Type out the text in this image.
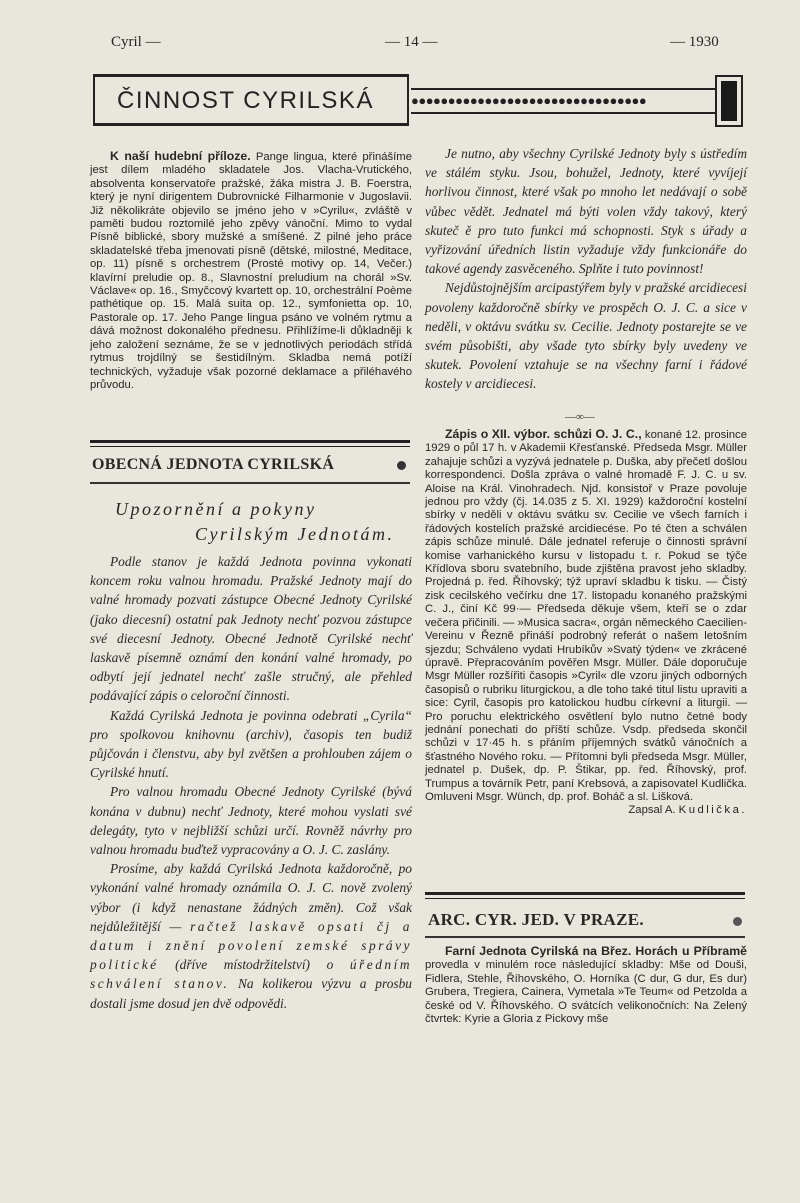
Cyril —	— 14 —	— 1930
ČINNOST CYRILSKÁ	●●●●●●●●●●●●●●●●●●●●●●●●●●●●●●●●

K naší hudební příloze. Pange lingua, které přinášíme jest dílem mladého skladatele Jos. Vlacha-Vrutického, absolventa konservatoře pražské, žáka mistra J. B. Foerstra, který je nyní dirigentem Dubrovnické Filharmonie v Jugoslavii. Již několikráte objevilo se jméno jeho v »Cyrilu«, zvláště v paměti budou roztomilé jeho zpěvy vánoční. Mimo to vydal Písně biblické, sbory mužské a smíšené. Z pilné jeho práce skladatelské třeba jmenovati písně (dětské, milostné, Meditace, op. 11) písně s orchestrem (Prosté motivy op. 14, Večer.) klavírní preludie op. 8., Slavnostní preludium na chorál »Sv. Václave« op. 16., Smyčcový kvartett op. 10, orchestrální Poème pathétique op. 15. Malá suita op. 12., symfonietta op. 10, Pastorale op. 17. Jeho Pange lingua psáno ve volném rytmu a dává možnost dokonalého přednesu. Přihlížíme-li důkladněji k jeho založení seznáme, že se v jednotlivých periodách střídá rytmus trojdílný se šestidílným. Skladba nemá potíží technických, vyžaduje však pozorné deklamace a přiléhavého průvodu.

OBECNÁ JEDNOTA CYRILSKÁ
Upozornění a pokyny
Cyrilským Jednotám.

Podle stanov je každá Jednota povinna vykonati koncem roku valnou hromadu. Pražské Jednoty mají do valné hromady pozvati zástupce Obecné Jednoty Cyrilské (jako diecesní) ostatní pak Jednoty nechť pozvou zástupce své diecesní Jednoty. Obecné Jednotě Cyrilské nechť laskavě písemně oznámí den konání valné hromady, po odbytí její jednatel nechť zašle stručný, ale přehled podávající zápis o celoroční činnosti.

Každá Cyrilská Jednota je povinna odebrati „Cyrila“ pro spolkovou knihovnu (archiv), časopis ten budiž půjčován i členstvu, aby byl zvětšen a prohlouben zájem o Cyrilské hnutí.

Pro valnou hromadu Obecné Jednoty Cyrilské (bývá konána v dubnu) nechť Jednoty, které mohou vyslati své delegáty, tyto v nejbližší schůzi určí. Rovněž návrhy pro valnou hromadu buďtež vypracovány a O. J. C. zaslány.

Prosíme, aby každá Cyrilská Jednota každoročně, po vykonání valné hromady oznámila O. J. C. nově zvolený výbor (i když nenastane žádných změn). Což však nejdůležitější — račtež laskavě opsati čj a datum i znění povolení zemské správy politické (dříve místodržitelství) o úředním schválení stanov. Na kolikerou výzvu a prosbu dostali jsme dosud jen dvě odpovědi.

Je nutno, aby všechny Cyrilské Jednoty byly s ústředím ve stálém styku. Jsou, bohužel, Jednoty, které vyvíjejí horlivou činnost, které však po mnoho let nedávají o sobě vůbec vědět. Jednatel má býti volen vždy takový, který skuteč ě pro tuto funkci má schopnosti. Styk s úřady a vyřizování úředních listin vyžaduje vždy funkcionáře do takové agendy zasvěceného. Splňte i tuto povinnost!

Nejdůstojnějším arcipastýřem byly v pražské arcidiecesi povoleny každoročně sbírky ve prospěch O. J. C. a sice v neděli, v oktávu svátku sv. Cecilie. Jednoty postarejte se ve svém působišti, aby všade tyto sbírky byly uvedeny ve skutek. Povolení vztahuje se na všechny farní i řádové kostely v arcidiecesi.

—∞—

Zápis o XII. výbor. schůzi O. J. C., konané 12. prosince 1929 o půl 17 h. v Akademii Křesťanské. Předseda Msgr. Müller zahajuje schůzi a vyzývá jednatele p. Duška, aby přečetl došlou korrespondenci. Došla zpráva o valné hromadě F. J. C. u sv. Aloise na Král. Vinohradech. Njd. konsistoř v Praze povoluje jednou pro vždy (čj. 14.035 z 5. XI. 1929) každoroční kostelní sbírky v neděli v oktávu svátku sv. Cecilie ve všech farních i řádových kostelích pražské arcidiecése. Po té čten a schválen zápis schůze minulé. Dále jednatel referuje o činnosti správní komise varhanického kursu v listopadu t. r. Pokud se týče Křídlova sboru svatebního, bude zjištěna pravost jeho skladby. Projedná p. řed. Říhovský; týž upraví skladbu k tisku. — Čistý zisk cecilského večírku dne 17. listopadu konaného pražskými C. J., činí Kč 99·— Předseda děkuje všem, kteří se o zdar večera přičinili. — »Musica sacra«, orgán německého Caecilien-Vereinu v Řezně přináší podrobný referát o našem letošním sjezdu; Schváleno vydati Hrubíkův »Svatý týden« ve zkrácené úpravě. Přepracováním pověřen Msgr. Müller. Dále doporučuje Msgr Müller rozšířiti časopis »Cyril« dle vzoru jiných odborných časopisů o rubriku liturgickou, a dle toho také titul listu upraviti a sice: Cyril, časopis pro katolickou hudbu církevní a liturgii. — Pro poruchu elektrického osvětlení bylo nutno četné body jednání ponechati do příští schůze. Vsdp. předseda skončil schůzi v 17·45 h. s přáním příjemných svátků vánočních a šťastného Nového roku. — Přítomni byli předseda Msgr. Müller, jednatel p. Dušek, dp. P. Štikar, pp. řed. Říhovský, prof. Trumpus a továrník Petr, paní Krebsová, a zapisovatel Kudlička. Omluveni Msgr. Wünch, dp. prof. Boháč a sl. Lišková.
Zapsal A. Kudlička.

ARC. CYR. JED. V PRAZE.

Farní Jednota Cyrilská na Břez. Horách u Příbramě provedla v minulém roce následující skladby: Mše od Douši, Fidlera, Stehle, Říhovského, O. Horníka (C dur, G dur, Es dur) Grubera, Tregiera, Cainera, Vymetala »Te Teum« od Petzolda a české od V. Říhovského. O svátcích velikonočních: Na Zelený čtvrtek: Kyrie a Gloria z Pickovy mše
